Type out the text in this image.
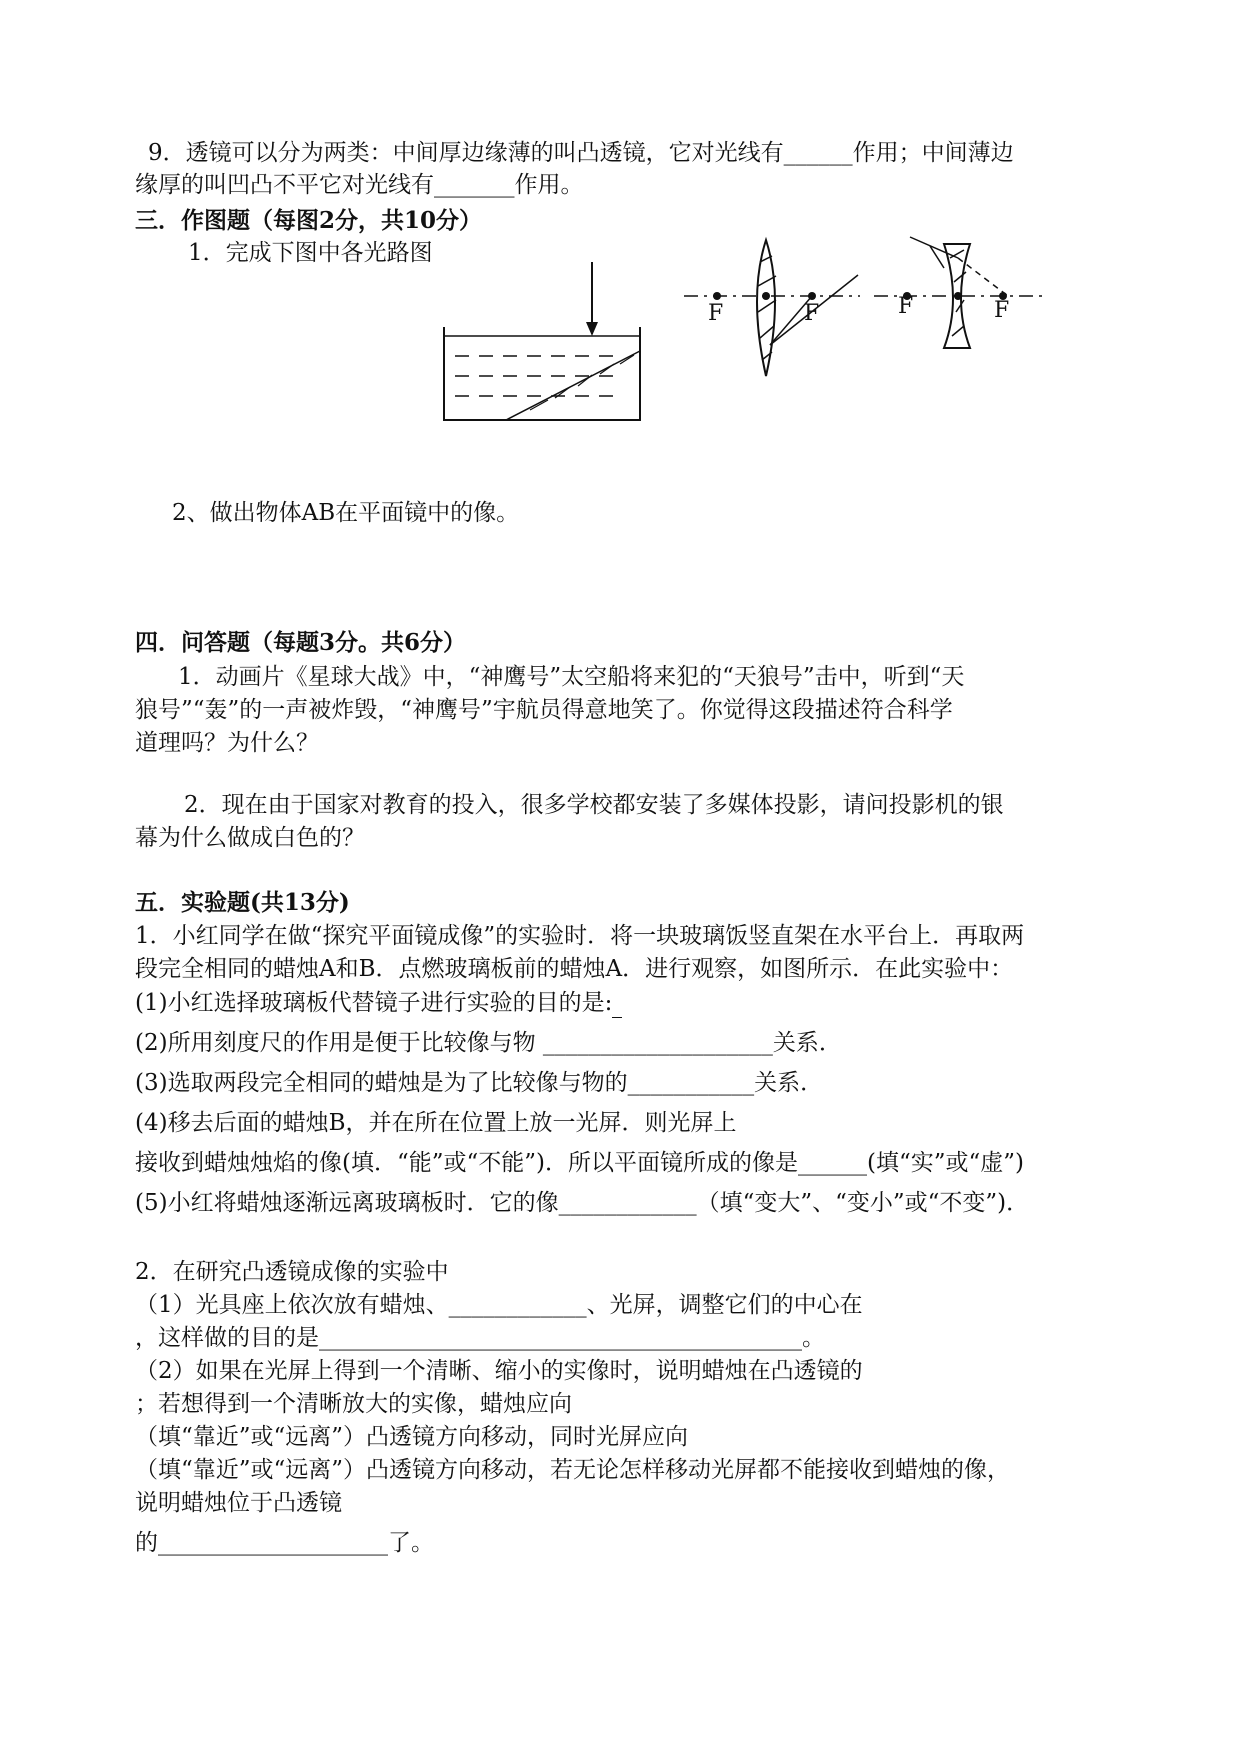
9．透镜可以分为两类：中间厚边缘薄的叫凸透镜，它对光线有______作用；中间薄边
缘厚的叫凹凸不平它对光线有_______作用。
三．作图题（每图2分，共10分）
1．完成下图中各光路图
F	F	F	F
2、做出物体AB在平面镜中的像。
四．问答题（每题3分。共6分）
1．动画片《星球大战》中，“神鹰号”太空船将来犯的“天狼号”击中，听到“天
狼号”“轰”的一声被炸毁，“神鹰号”宇航员得意地笑了。你觉得这段描述符合科学
道理吗？为什么？
2．现在由于国家对教育的投入，很多学校都安装了多媒体投影，请问投影机的银
幕为什么做成白色的？
五．实验题(共13分)
1．小红同学在做“探究平面镜成像”的实验时．将一块玻璃饭竖直架在水平台上．再取两
段完全相同的蜡烛A和B．点燃玻璃板前的蜡烛A．进行观察，如图所示．在此实验中：
(1)小红选择玻璃板代替镜子进行实验的目的是:
(2)所用刻度尺的作用是便于比较像与物 ____________________关系．
(3)选取两段完全相同的蜡烛是为了比较像与物的___________关系．
(4)移去后面的蜡烛B，并在所在位置上放一光屏．则光屏上
接收到蜡烛烛焰的像(填．“能”或“不能”)．所以平面镜所成的像是______(填“实”或“虚”)
(5)小红将蜡烛逐渐远离玻璃板时．它的像____________（填“变大”、“变小”或“不变”)．
2．在研究凸透镜成像的实验中
（1）光具座上依次放有蜡烛、____________、光屏，调整它们的中心在
，这样做的目的是__________________________________________。
（2）如果在光屏上得到一个清晰、缩小的实像时，说明蜡烛在凸透镜的
；若想得到一个清晰放大的实像，蜡烛应向
（填“靠近”或“远离”）凸透镜方向移动，同时光屏应向
（填“靠近”或“远离”）凸透镜方向移动，若无论怎样移动光屏都不能接收到蜡烛的像，
说明蜡烛位于凸透镜
的____________________了。
